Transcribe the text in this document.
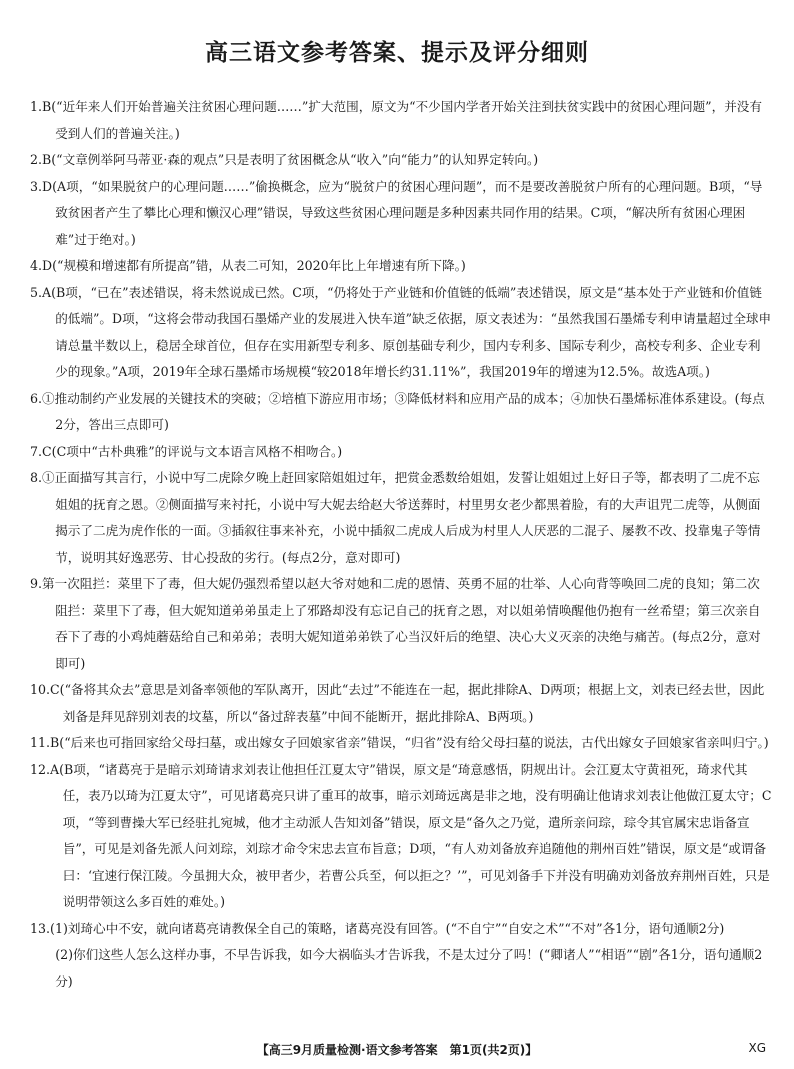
高三语文参考答案、提示及评分细则
1.B(“近年来人们开始普遍关注贫困心理问题……”扩大范围，原文为“不少国内学者开始关注到扶贫实践中的贫困心理问题”，并没有受到人们的普遍关注。)
2.B(“文章例举阿马蒂亚·森的观点”只是表明了贫困概念从“收入”向“能力”的认知界定转向。)
3.D(A项，“如果脱贫户的心理问题……”偷换概念，应为“脱贫户的贫困心理问题”，而不是要改善脱贫户所有的心理问题。B项，“导致贫困者产生了攀比心理和懒汉心理”错误，导致这些贫困心理问题是多种因素共同作用的结果。C项，“解决所有贫困心理困难”过于绝对。)
4.D(“规模和增速都有所提高”错，从表二可知，2020年比上年增速有所下降。)
5.A(B项，“已在”表述错误，将未然说成已然。C项，“仍将处于产业链和价值链的低端”表述错误，原文是“基本处于产业链和价值链的低端”。D项，“这将会带动我国石墨烯产业的发展进入快车道”缺乏依据，原文表述为：“虽然我国石墨烯专利申请量超过全球申请总量半数以上，稳居全球首位，但存在实用新型专利多、原创基础专利少，国内专利多、国际专利少，高校专利多、企业专利少的现象。”A项，2019年全球石墨烯市场规模“较2018年增长约31.11%”，我国2019年的增速为12.5%。故选A项。)
6.①推动制约产业发展的关键技术的突破；②培植下游应用市场；③降低材料和应用产品的成本；④加快石墨烯标准体系建设。(每点2分，答出三点即可)
7.C(C项中“古朴典雅”的评说与文本语言风格不相吻合。)
8.①正面描写其言行，小说中写二虎除夕晚上赶回家陪姐姐过年，把赏金悉数给姐姐，发誓让姐姐过上好日子等，都表明了二虎不忘姐姐的抚育之恩。②侧面描写来衬托，小说中写大妮去给赵大爷送葬时，村里男女老少都黑着脸，有的大声诅咒二虎等，从侧面揭示了二虎为虎作伥的一面。③插叙往事来补充，小说中插叙二虎成人后成为村里人人厌恶的二混子、屡教不改、投靠鬼子等情节，说明其好逸恶劳、甘心投敌的劣行。(每点2分，意对即可)
9.第一次阻拦：菜里下了毒，但大妮仍强烈希望以赵大爷对她和二虎的恩情、英勇不屈的壮举、人心向背等唤回二虎的良知；第二次阻拦：菜里下了毒，但大妮知道弟弟虽走上了邪路却没有忘记自己的抚育之恩，对以姐弟情唤醒他仍抱有一丝希望；第三次亲自吞下了毒的小鸡炖蘑菇给自己和弟弟；表明大妮知道弟弟铁了心当汉奸后的绝望、决心大义灭亲的决绝与痛苦。(每点2分，意对即可)
10.C(“备将其众去”意思是刘备率领他的军队离开，因此“去过”不能连在一起，据此排除A、D两项；根据上文，刘表已经去世，因此刘备是拜见辞别刘表的坟墓，所以“备过辞表墓”中间不能断开，据此排除A、B两项。)
11.B(“后来也可指回家给父母扫墓，或出嫁女子回娘家省亲”错误，“归省”没有给父母扫墓的说法，古代出嫁女子回娘家省亲叫归宁。)
12.A(B项，“诸葛亮于是暗示刘琦请求刘表让他担任江夏太守”错误，原文是“琦意感悟，阴规出计。会江夏太守黄祖死，琦求代其任，表乃以琦为江夏太守”，可见诸葛亮只讲了重耳的故事，暗示刘琦远离是非之地，没有明确让他请求刘表让他做江夏太守；C项，“等到曹操大军已经驻扎宛城，他才主动派人告知刘备”错误，原文是“备久之乃觉，遣所亲问琮，琮令其官属宋忠诣备宣旨”，可见是刘备先派人问刘琮，刘琮才命令宋忠去宣布旨意；D项，“有人劝刘备放弃追随他的荆州百姓”错误，原文是“或谓备曰：‘宜速行保江陵。今虽拥大众，被甲者少，若曹公兵至，何以拒之？’”，可见刘备手下并没有明确劝刘备放弃荆州百姓，只是说明带领这么多百姓的难处。)
13.(1)刘琦心中不安，就向诸葛亮请教保全自己的策略，诸葛亮没有回答。(“不自宁”“自安之术”“不对”各1分，语句通顺2分)
(2)你们这些人怎么这样办事，不早告诉我，如今大祸临头才告诉我，不是太过分了吗！(“卿诸人”“相语”“剧”各1分，语句通顺2分)
【高三9月质量检测·语文参考答案　第1页(共2页)】	XG
